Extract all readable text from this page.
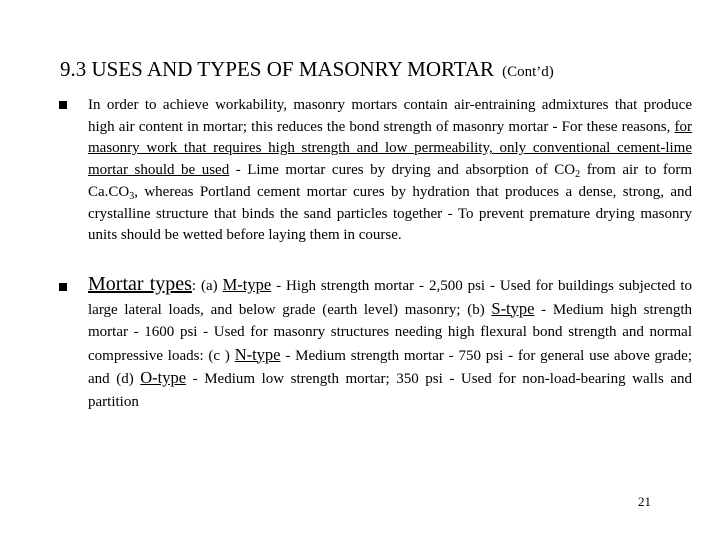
9.3 USES AND TYPES OF MASONRY MORTAR (Cont’d)
In order to achieve workability, masonry mortars contain air-entraining admixtures that produce high air content in mortar; this reduces the bond strength of masonry mortar - For these reasons, for masonry work that requires high strength and low permeability, only conventional cement-lime mortar should be used - Lime mortar cures by drying and absorption of $CO_2$ from air to form $Ca.CO_3$, whereas Portland cement mortar cures by hydration that produces a dense, strong, and crystalline structure that binds the sand particles together - To prevent premature drying masonry units should be wetted before laying them in course.
Mortar types: (a) M-type - High strength mortar - 2,500 psi - Used for buildings subjected to large lateral loads, and below grade (earth level) masonry; (b) S-type - Medium high strength mortar - 1600 psi - Used for masonry structures needing high flexural bond strength and normal compressive loads: (c ) N-type - Medium strength mortar - 750 psi - for general use above grade; and (d) O-type - Medium low strength mortar; 350 psi - Used for non-load-bearing walls and partition
21
